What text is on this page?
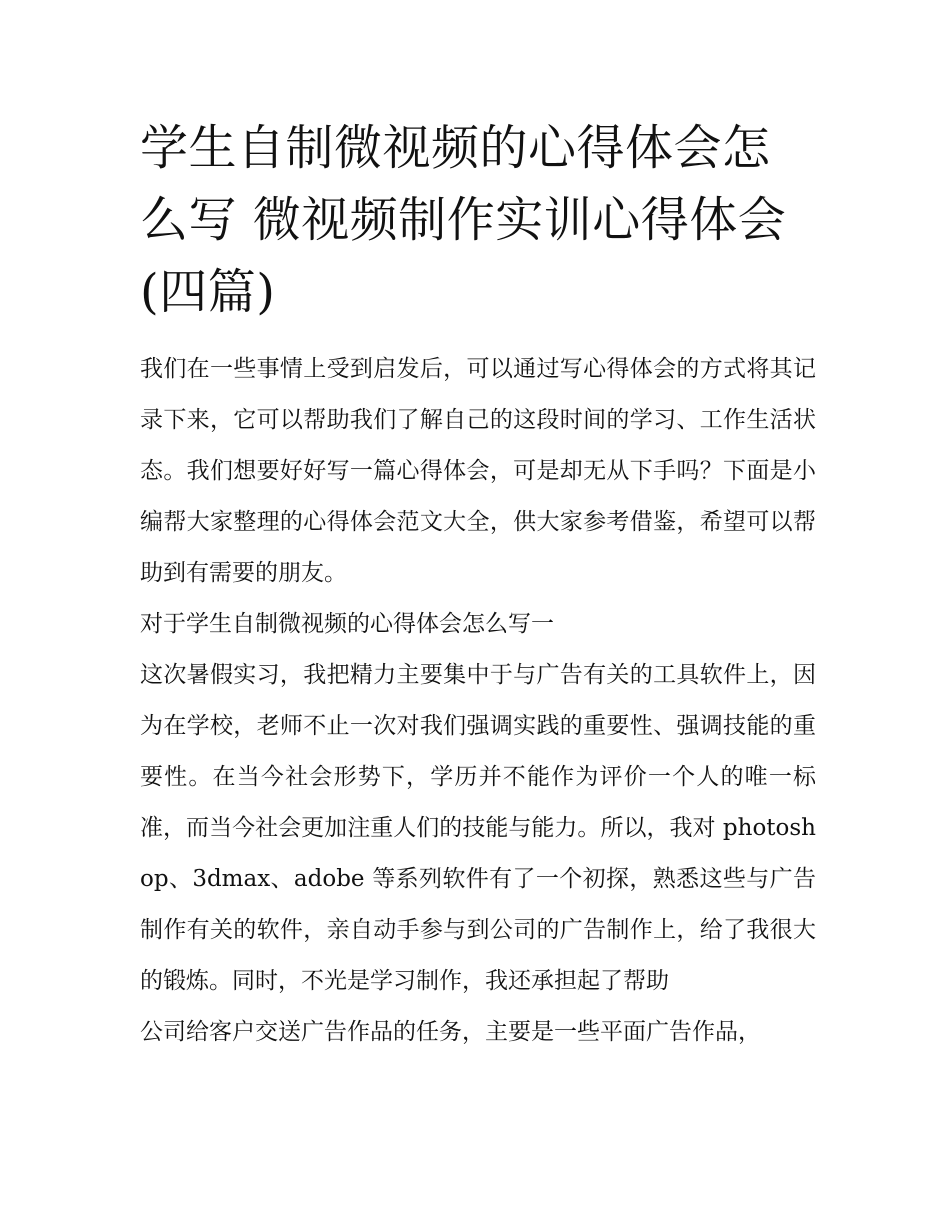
学生自制微视频的心得体会怎么写 微视频制作实训心得体会(四篇)

我们在一些事情上受到启发后，可以通过写心得体会的方式将其记录下来，它可以帮助我们了解自己的这段时间的学习、工作生活状态。我们想要好好写一篇心得体会，可是却无从下手吗？下面是小编帮大家整理的心得体会范文大全，供大家参考借鉴，希望可以帮助到有需要的朋友。

对于学生自制微视频的心得体会怎么写一

这次暑假实习，我把精力主要集中于与广告有关的工具软件上，因为在学校，老师不止一次对我们强调实践的重要性、强调技能的重要性。在当今社会形势下，学历并不能作为评价一个人的唯一标准，而当今社会更加注重人们的技能与能力。所以，我对 photoshop、3dmax、adobe 等系列软件有了一个初探，熟悉这些与广告制作有关的软件，亲自动手参与到公司的广告制作上，给了我很大的锻炼。同时，不光是学习制作，我还承担起了帮助

公司给客户交送广告作品的任务，主要是一些平面广告作品，
